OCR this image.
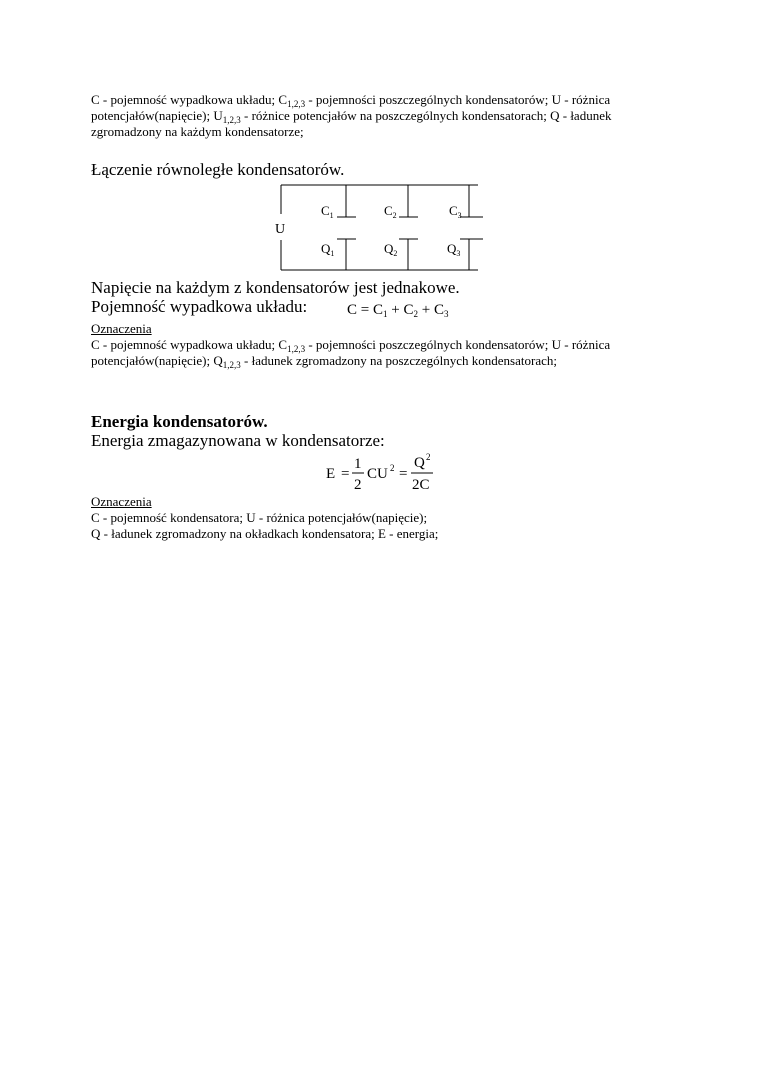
C - pojemność wypadkowa układu; $C_{1,2,3}$ - pojemności poszczególnych kondensatorów; U - różnica
potencjałów(napięcie); $U_{1,2,3}$ - różnice potencjałów na poszczególnych kondensatorach; Q - ładunek
zgromadzony na każdym kondensatorze;
Łączenie równoległe kondensatorów.
U
$C_1$	$C_2$	$C_3$
$Q_1$	$Q_2$	$Q_3$
Napięcie na każdym z kondensatorów jest jednakowe.
Pojemność wypadkowa układu:	$C = C_1 + C_2 + C_3$
Oznaczenia
C - pojemność wypadkowa układu; $C_{1,2,3}$ - pojemności poszczególnych kondensatorów; U - różnica
potencjałów(napięcie); $Q_{1,2,3}$ - ładunek zgromadzony na poszczególnych kondensatorach;
Energia kondensatorów.
Energia zmagazynowana w kondensatorze:
E =
1
2
CU 2 =
Q 2
2C
Oznaczenia
C - pojemność kondensatora; U - różnica potencjałów(napięcie);
Q - ładunek zgromadzony na okładkach kondensatora; E - energia;
